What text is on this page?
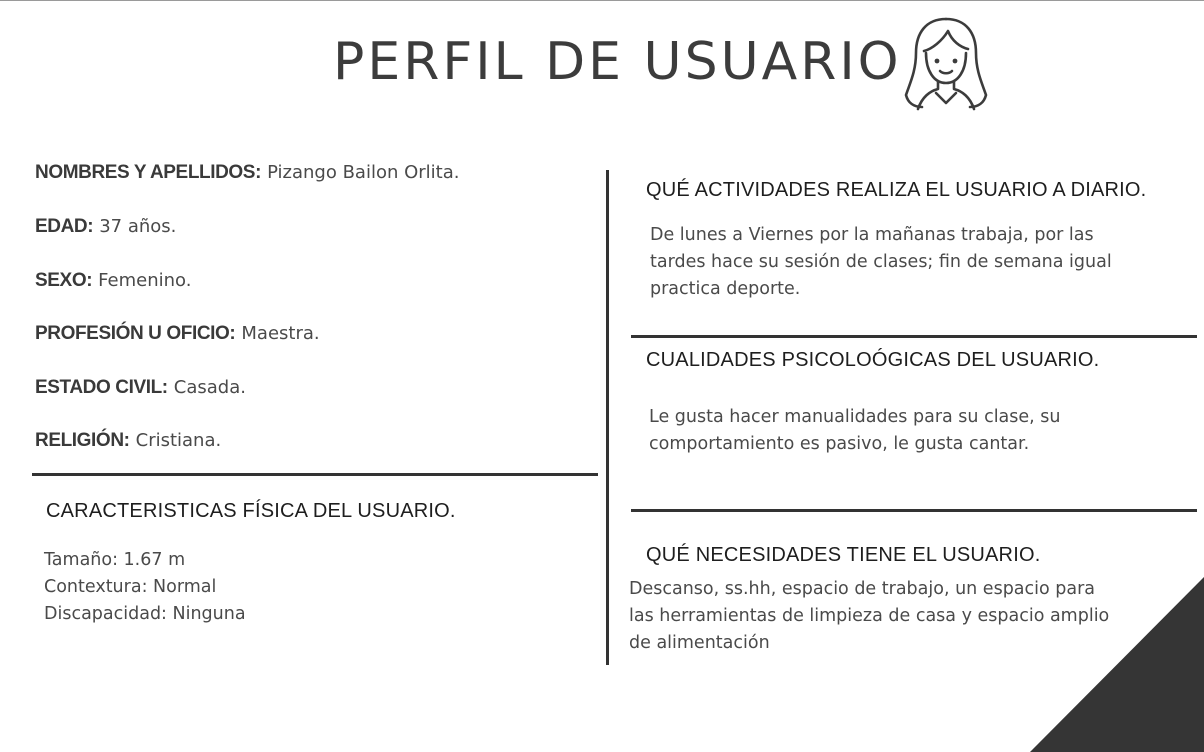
PERFIL DE USUARIO
NOMBRES Y APELLIDOS: Pizango Bailon Orlita.
EDAD: 37 años.
SEXO: Femenino.
PROFESIÓN U OFICIO: Maestra.
ESTADO CIVIL: Casada.
RELIGIÓN: Cristiana.
CARACTERISTICAS FÍSICA DEL USUARIO.
Tamaño: 1.67 m
Contextura: Normal
Discapacidad: Ninguna
QUÉ ACTIVIDADES REALIZA EL USUARIO A DIARIO.
De lunes a Viernes por la mañanas trabaja, por las
tardes hace su sesión de clases; fin de semana igual
practica deporte.
CUALIDADES PSICOLOÓGICAS DEL USUARIO.
Le gusta hacer manualidades para su clase, su
comportamiento es pasivo, le gusta cantar.
QUÉ NECESIDADES TIENE EL USUARIO.
Descanso, ss.hh, espacio de trabajo, un espacio para
las herramientas de limpieza de casa y espacio amplio
de alimentación
